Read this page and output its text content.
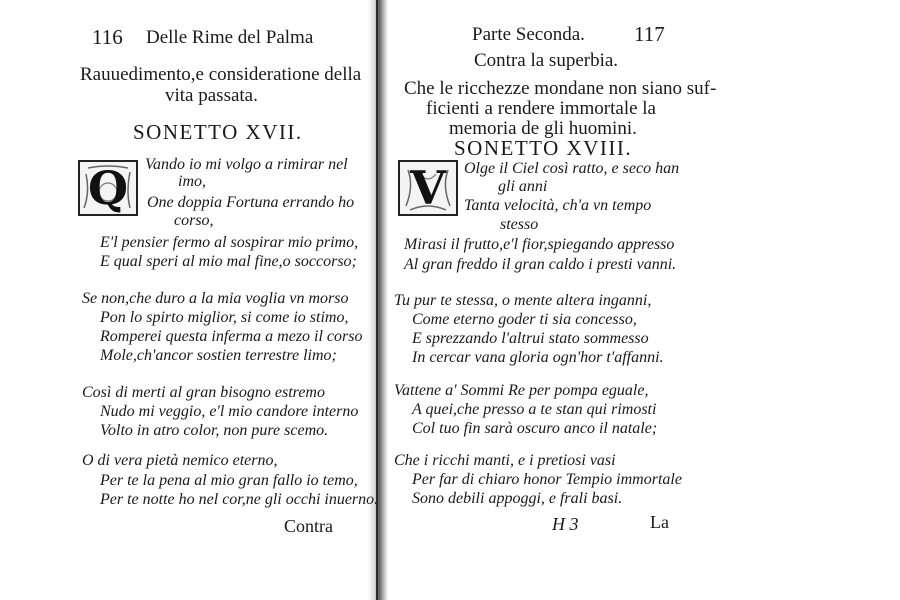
116 Delle Rime del Palma
Rauuedimento,e consideratione della
vita passata.
SONETTO XVII.
Q	Vando io mi volgo a rimirar nel
imo,
One doppia Fortuna errando ho
corso,
E'l pensier fermo al sospirar mio primo,
E qual speri al mio mal fine,o soccorso;
Se non,che duro a la mia voglia vn morso
Pon lo spirto miglior, si come io stimo,
Romperei questa inferma a mezo il corso
Mole,ch'ancor sostien terrestre limo;
Così di merti al gran bisogno estremo
Nudo mi veggio, e'l mio candore interno
Volto in atro color, non pure scemo.
O di vera pietà nemico eterno,
Per te la pena al mio gran fallo io temo,
Per te notte ho nel cor,ne gli occhi inuerno.
Contra
Parte Seconda. 117
Contra la superbia.
Che le ricchezze mondane non siano suf-
ficienti a rendere immortale la
memoria de gli huomini.
SONETTO XVIII.
V	Olge il Ciel così ratto, e seco han
gli anni
Tanta velocità, ch'a vn tempo
stesso
Mirasi il frutto,e'l fior,spiegando appresso
Al gran freddo il gran caldo i presti vanni.
Tu pur te stessa, o mente altera inganni,
Come eterno goder ti sia concesso,
E sprezzando l'altrui stato sommesso
In cercar vana gloria ogn'hor t'affanni.
Vattene a' Sommi Re per pompa eguale,
A quei,che presso a te stan qui rimosti
Col tuo fin sarà oscuro anco il natale;
Che i ricchi manti, e i pretiosi vasi
Per far di chiaro honor Tempio immortale
Sono debili appoggi, e frali basi.
H 3	La
